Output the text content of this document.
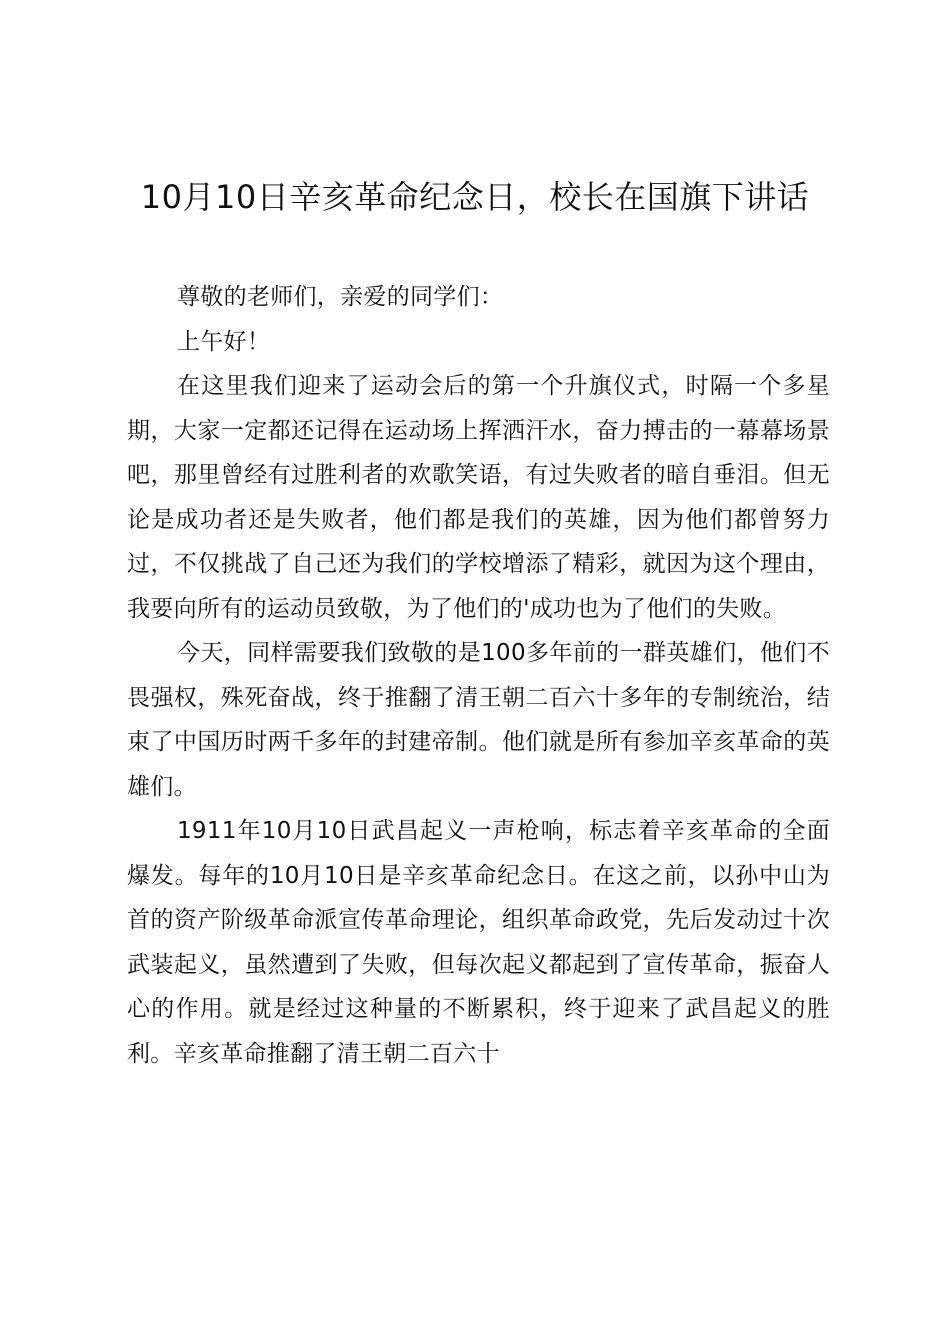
10月10日辛亥革命纪念日，校长在国旗下讲话

尊敬的老师们，亲爱的同学们：

上午好！

在这里我们迎来了运动会后的第一个升旗仪式，时隔一个多星期，大家一定都还记得在运动场上挥洒汗水，奋力搏击的一幕幕场景吧，那里曾经有过胜利者的欢歌笑语，有过失败者的暗自垂泪。但无论是成功者还是失败者，他们都是我们的英雄，因为他们都曾努力过，不仅挑战了自己还为我们的学校增添了精彩，就因为这个理由，我要向所有的运动员致敬，为了他们的'成功也为了他们的失败。

今天，同样需要我们致敬的是100多年前的一群英雄们，他们不畏强权，殊死奋战，终于推翻了清王朝二百六十多年的专制统治，结束了中国历时两千多年的封建帝制。他们就是所有参加辛亥革命的英雄们。

1911年10月10日武昌起义一声枪响，标志着辛亥革命的全面爆发。每年的10月10日是辛亥革命纪念日。在这之前，以孙中山为首的资产阶级革命派宣传革命理论，组织革命政党，先后发动过十次武装起义，虽然遭到了失败，但每次起义都起到了宣传革命，振奋人心的作用。就是经过这种量的不断累积，终于迎来了武昌起义的胜利。辛亥革命推翻了清王朝二百六十
